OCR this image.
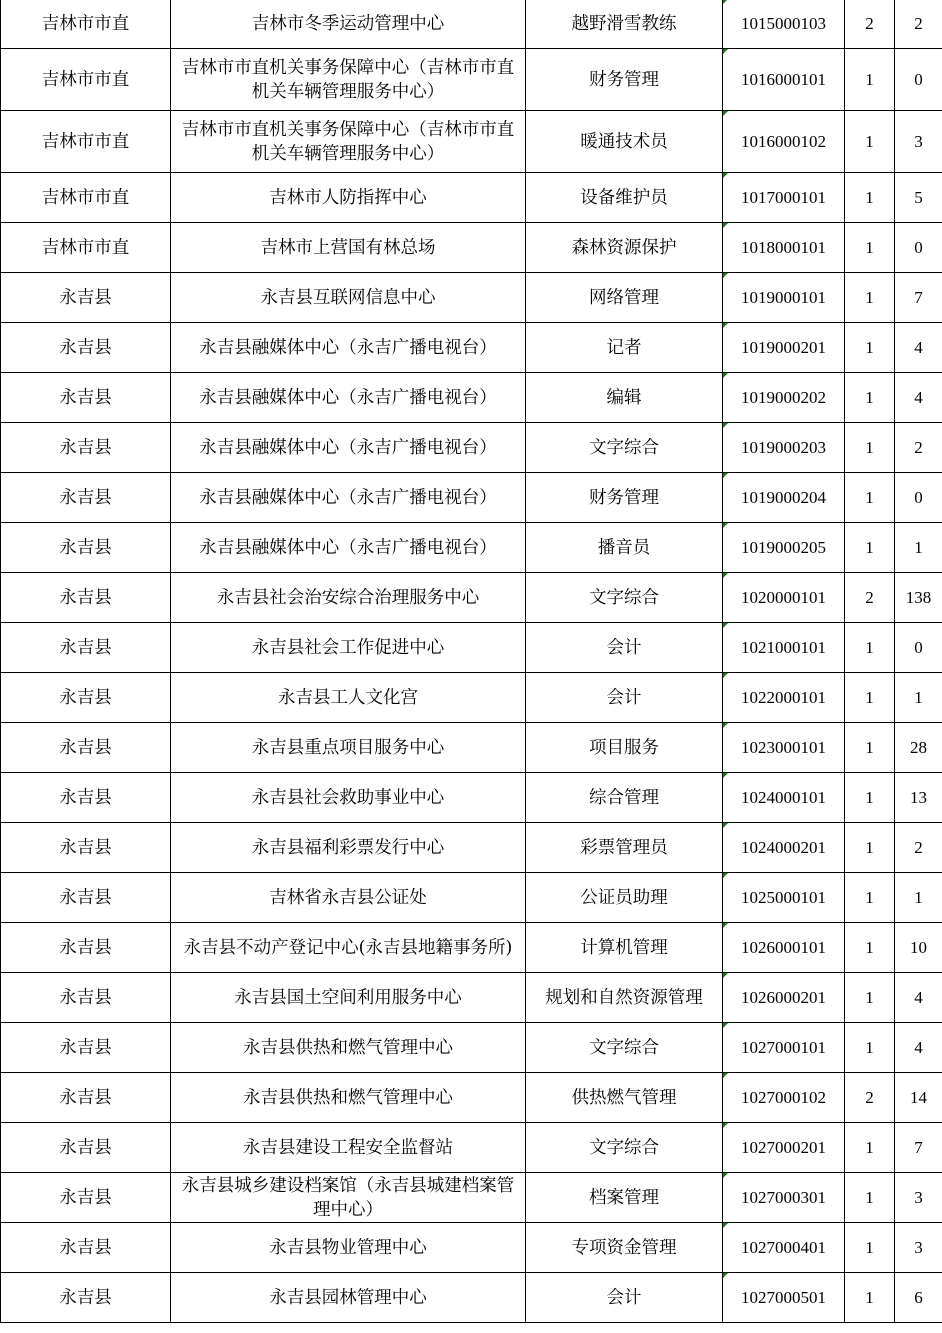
吉林市市直	吉林市冬季运动管理中心	越野滑雪教练	1015000103	2	2
吉林市市直	吉林市市直机关事务保障中心（吉林市市直机关车辆管理服务中心）	财务管理	1016000101	1	0
吉林市市直	吉林市市直机关事务保障中心（吉林市市直机关车辆管理服务中心）	暖通技术员	1016000102	1	3
吉林市市直	吉林市人防指挥中心	设备维护员	1017000101	1	5
吉林市市直	吉林市上营国有林总场	森林资源保护	1018000101	1	0
永吉县	永吉县互联网信息中心	网络管理	1019000101	1	7
永吉县	永吉县融媒体中心（永吉广播电视台）	记者	1019000201	1	4
永吉县	永吉县融媒体中心（永吉广播电视台）	编辑	1019000202	1	4
永吉县	永吉县融媒体中心（永吉广播电视台）	文字综合	1019000203	1	2
永吉县	永吉县融媒体中心（永吉广播电视台）	财务管理	1019000204	1	0
永吉县	永吉县融媒体中心（永吉广播电视台）	播音员	1019000205	1	1
永吉县	永吉县社会治安综合治理服务中心	文字综合	1020000101	2	138
永吉县	永吉县社会工作促进中心	会计	1021000101	1	0
永吉县	永吉县工人文化宫	会计	1022000101	1	1
永吉县	永吉县重点项目服务中心	项目服务	1023000101	1	28
永吉县	永吉县社会救助事业中心	综合管理	1024000101	1	13
永吉县	永吉县福利彩票发行中心	彩票管理员	1024000201	1	2
永吉县	吉林省永吉县公证处	公证员助理	1025000101	1	1
永吉县	永吉县不动产登记中心(永吉县地籍事务所)	计算机管理	1026000101	1	10
永吉县	永吉县国土空间利用服务中心	规划和自然资源管理	1026000201	1	4
永吉县	永吉县供热和燃气管理中心	文字综合	1027000101	1	4
永吉县	永吉县供热和燃气管理中心	供热燃气管理	1027000102	2	14
永吉县	永吉县建设工程安全监督站	文字综合	1027000201	1	7
永吉县	永吉县城乡建设档案馆（永吉县城建档案管理中心）	档案管理	1027000301	1	3
永吉县	永吉县物业管理中心	专项资金管理	1027000401	1	3
永吉县	永吉县园林管理中心	会计	1027000501	1	6
